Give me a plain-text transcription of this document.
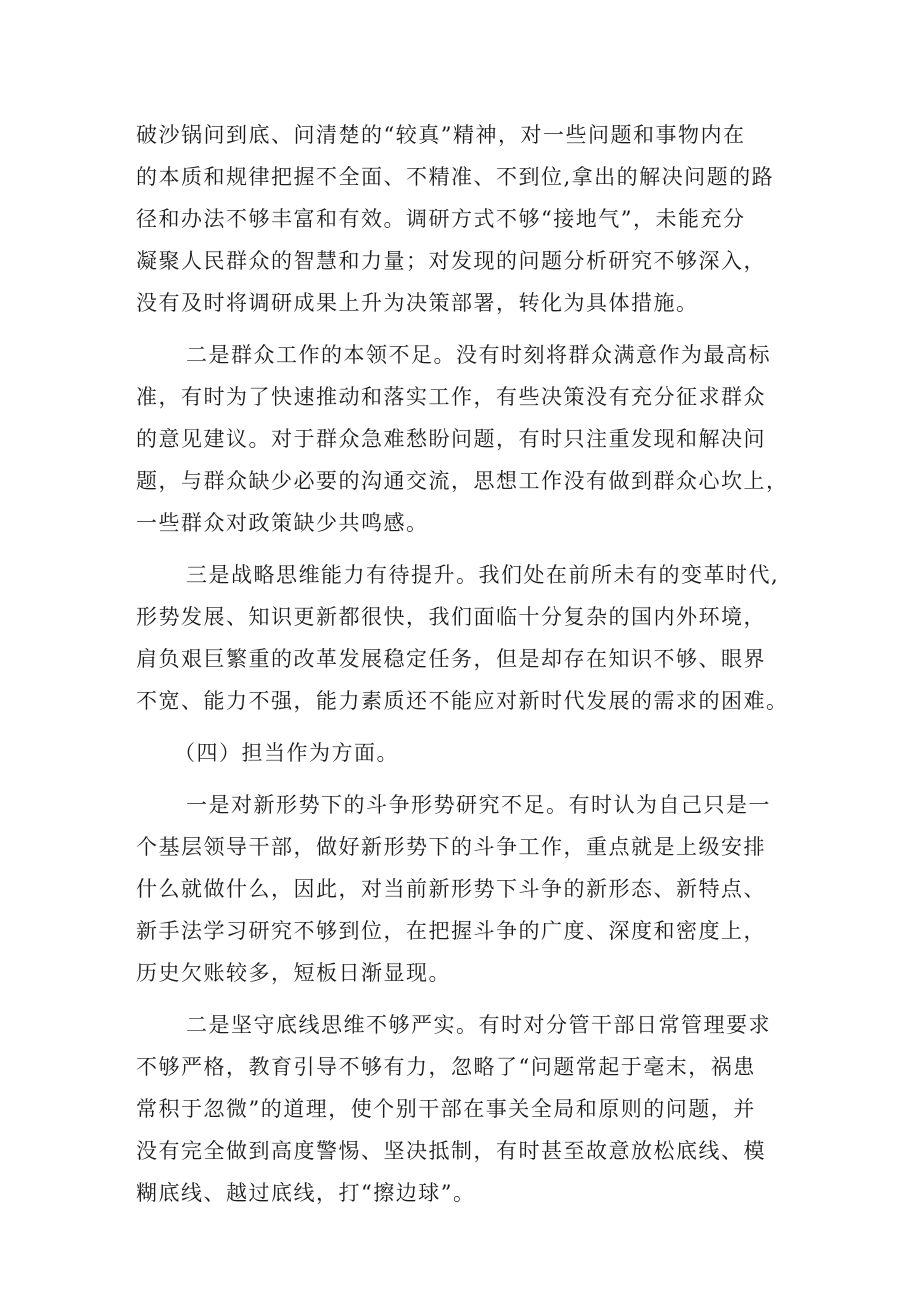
破沙锅问到底、问清楚的“较真”精神，对一些问题和事物内在
的本质和规律把握不全面、不精准、不到位,拿出的解决问题的路
径和办法不够丰富和有效。调研方式不够“接地气”，未能充分
凝聚人民群众的智慧和力量；对发现的问题分析研究不够深入，
没有及时将调研成果上升为决策部署，转化为具体措施。
二是群众工作的本领不足。没有时刻将群众满意作为最高标
准，有时为了快速推动和落实工作，有些决策没有充分征求群众
的意见建议。对于群众急难愁盼问题，有时只注重发现和解决问
题，与群众缺少必要的沟通交流，思想工作没有做到群众心坎上，
一些群众对政策缺少共鸣感。
三是战略思维能力有待提升。我们处在前所未有的变革时代,
形势发展、知识更新都很快，我们面临十分复杂的国内外环境，
肩负艰巨繁重的改革发展稳定任务，但是却存在知识不够、眼界
不宽、能力不强，能力素质还不能应对新时代发展的需求的困难。
（四）担当作为方面。
一是对新形势下的斗争形势研究不足。有时认为自己只是一
个基层领导干部，做好新形势下的斗争工作，重点就是上级安排
什么就做什么，因此，对当前新形势下斗争的新形态、新特点、
新手法学习研究不够到位，在把握斗争的广度、深度和密度上，
历史欠账较多，短板日渐显现。
二是坚守底线思维不够严实。有时对分管干部日常管理要求
不够严格，教育引导不够有力，忽略了“问题常起于毫末，祸患
常积于忽微”的道理，使个别干部在事关全局和原则的问题，并
没有完全做到高度警惕、坚决抵制，有时甚至故意放松底线、模
糊底线、越过底线，打“擦边球”。
